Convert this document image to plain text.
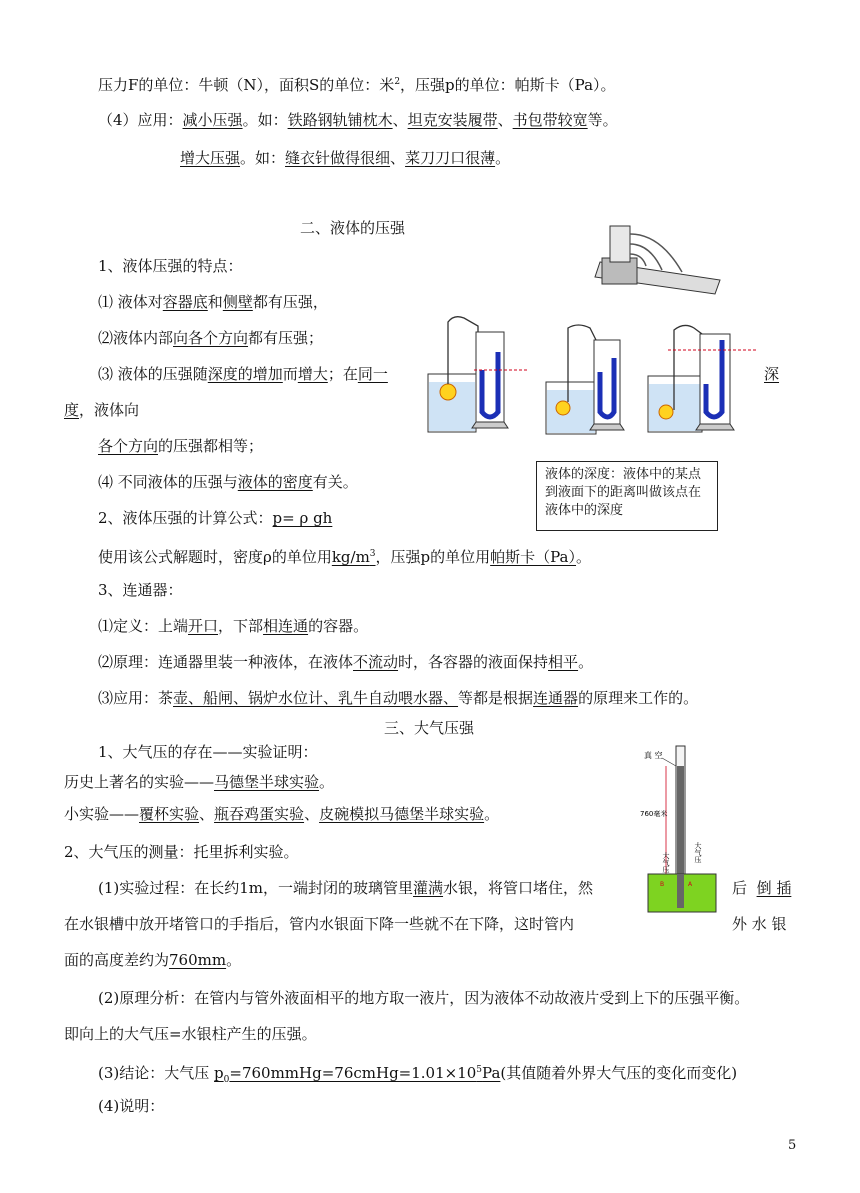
压力F的单位：牛顿（N），面积S的单位：米$^2$，压强p的单位：帕斯卡（Pa）。
（4）应用：减小压强。如：铁路钢轨铺枕木、坦克安装履带、书包带较宽等。
增大压强。如：缝衣针做得很细、菜刀刀口很薄。
二、液体的压强
1、液体压强的特点：
⑴ 液体对容器底和侧壁都有压强，
⑵液体内部向各个方向都有压强；
⑶ 液体的压强随深度的增加而增大；在同一	深
度，液体向
各个方向的压强都相等；
⑷ 不同液体的压强与液体的密度有关。	液体的深度：液体中的某点到液面下的距离叫做该点在液体中的深度
2、液体压强的计算公式：p= ρ gh
使用该公式解题时，密度ρ的单位用$kg/m^3$，压强p的单位用帕斯卡（Pa）。
3、连通器：
⑴定义：上端开口，下部相连通的容器。
⑵原理：连通器里装一种液体，在液体不流动时，各容器的液面保持相平。
⑶应用：茶壶、船闸、锅炉水位计、乳牛自动喂水器、等都是根据连通器的原理来工作的。
三、大气压强
1、大气压的存在——实验证明：
历史上著名的实验——马德堡半球实验。
小实验——覆杯实验、瓶吞鸡蛋实验、皮碗模拟马德堡半球实验。
2、大气压的测量：托里拆利实验。
(1)实验过程：在长约1m，一端封闭的玻璃管里灌满水银，将管口堵住，然	后 倒 插
在水银槽中放开堵管口的手指后，管内水银面下降一些就不在下降，这时管内	外 水 银
面的高度差约为760mm。
(2)原理分析：在管内与管外液面相平的地方取一液片，因为液体不动故液片受到上下的压强平衡。
即向上的大气压=水银柱产生的压强。
(3)结论：大气压 $p_0=760mmHg=76cmHg=1.01\times 10^5Pa$(其值随着外界大气压的变化而变化)
(4)说明：
5
真 空
760毫米
大气压	大气压
B	A
